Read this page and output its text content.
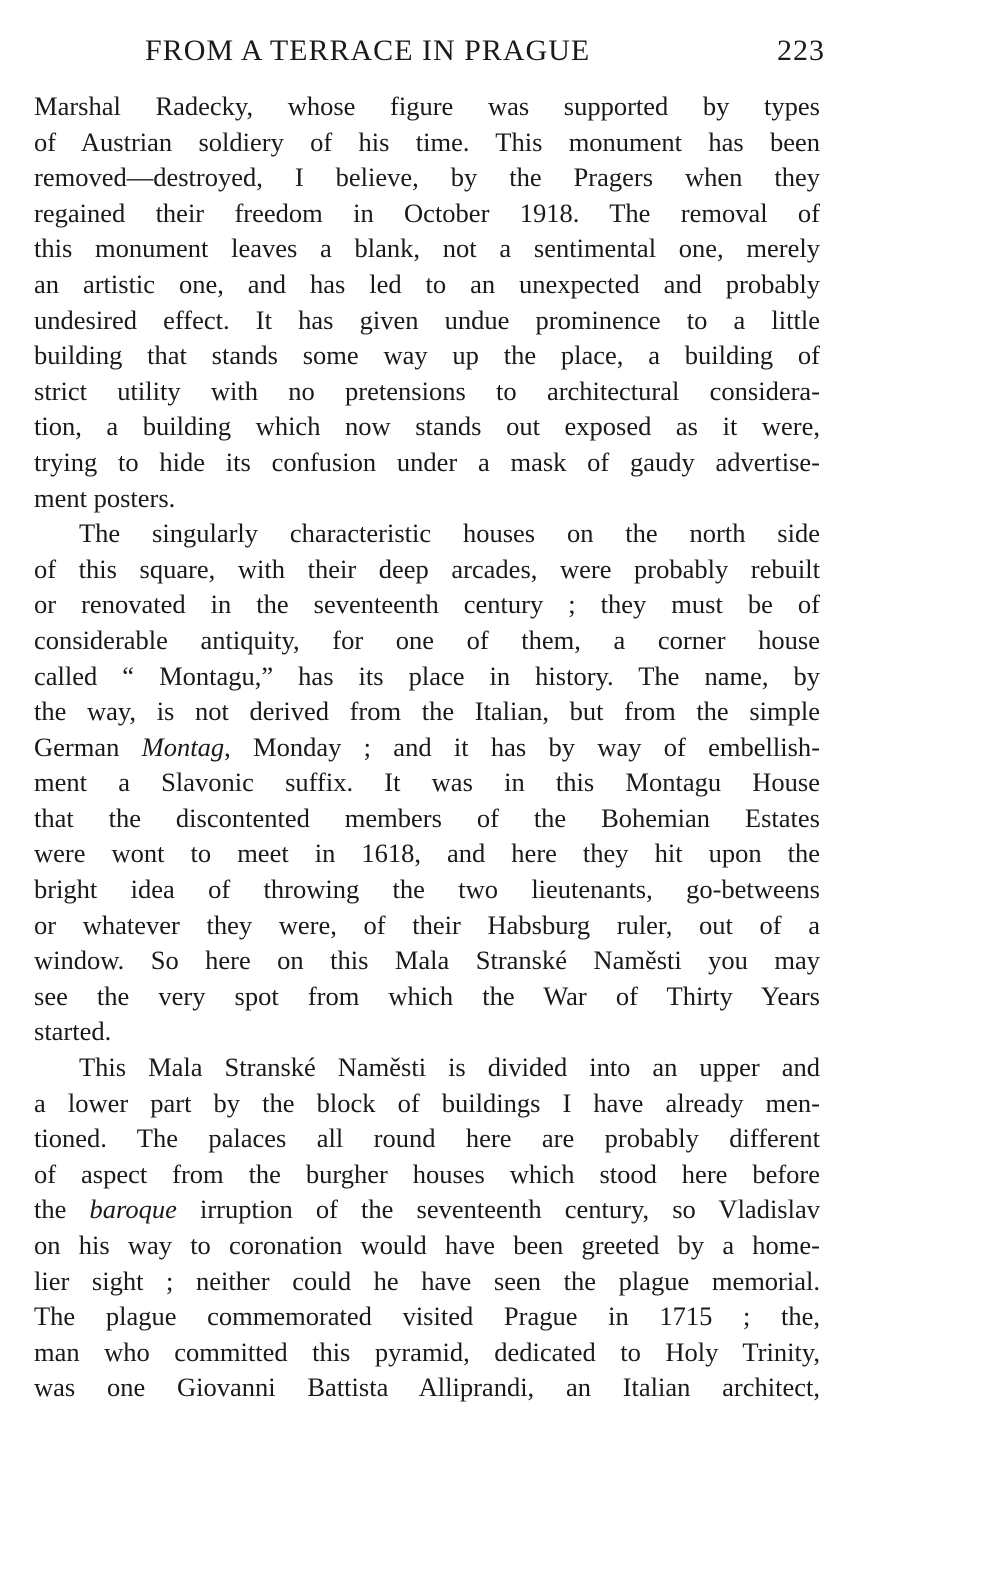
FROM A TERRACE IN PRAGUE	223
Marshal Radecky, whose figure was supported by types
of Austrian soldiery of his time. This monument has been
removed—destroyed, I believe, by the Pragers when they
regained their freedom in October 1918. The removal of
this monument leaves a blank, not a sentimental one, merely
an artistic one, and has led to an unexpected and probably
undesired effect. It has given undue prominence to a little
building that stands some way up the place, a building of
strict utility with no pretensions to architectural considera-
tion, a building which now stands out exposed as it were,
trying to hide its confusion under a mask of gaudy advertise-
ment posters.
The singularly characteristic houses on the north side
of this square, with their deep arcades, were probably rebuilt
or renovated in the seventeenth century ; they must be of
considerable antiquity, for one of them, a corner house
called “ Montagu,” has its place in history. The name, by
the way, is not derived from the Italian, but from the simple
German Montag, Monday ; and it has by way of embellish-
ment a Slavonic suffix. It was in this Montagu House
that the discontented members of the Bohemian Estates
were wont to meet in 1618, and here they hit upon the
bright idea of throwing the two lieutenants, go-betweens
or whatever they were, of their Habsburg ruler, out of a
window. So here on this Mala Stranské Naměsti you may
see the very spot from which the War of Thirty Years
started.
This Mala Stranské Naměsti is divided into an upper and
a lower part by the block of buildings I have already men-
tioned. The palaces all round here are probably different
of aspect from the burgher houses which stood here before
the baroque irruption of the seventeenth century, so Vladislav
on his way to coronation would have been greeted by a home-
lier sight ; neither could he have seen the plague memorial.
The plague commemorated visited Prague in 1715 ; the,
man who committed this pyramid, dedicated to Holy Trinity,
was one Giovanni Battista Alliprandi, an Italian architect,
